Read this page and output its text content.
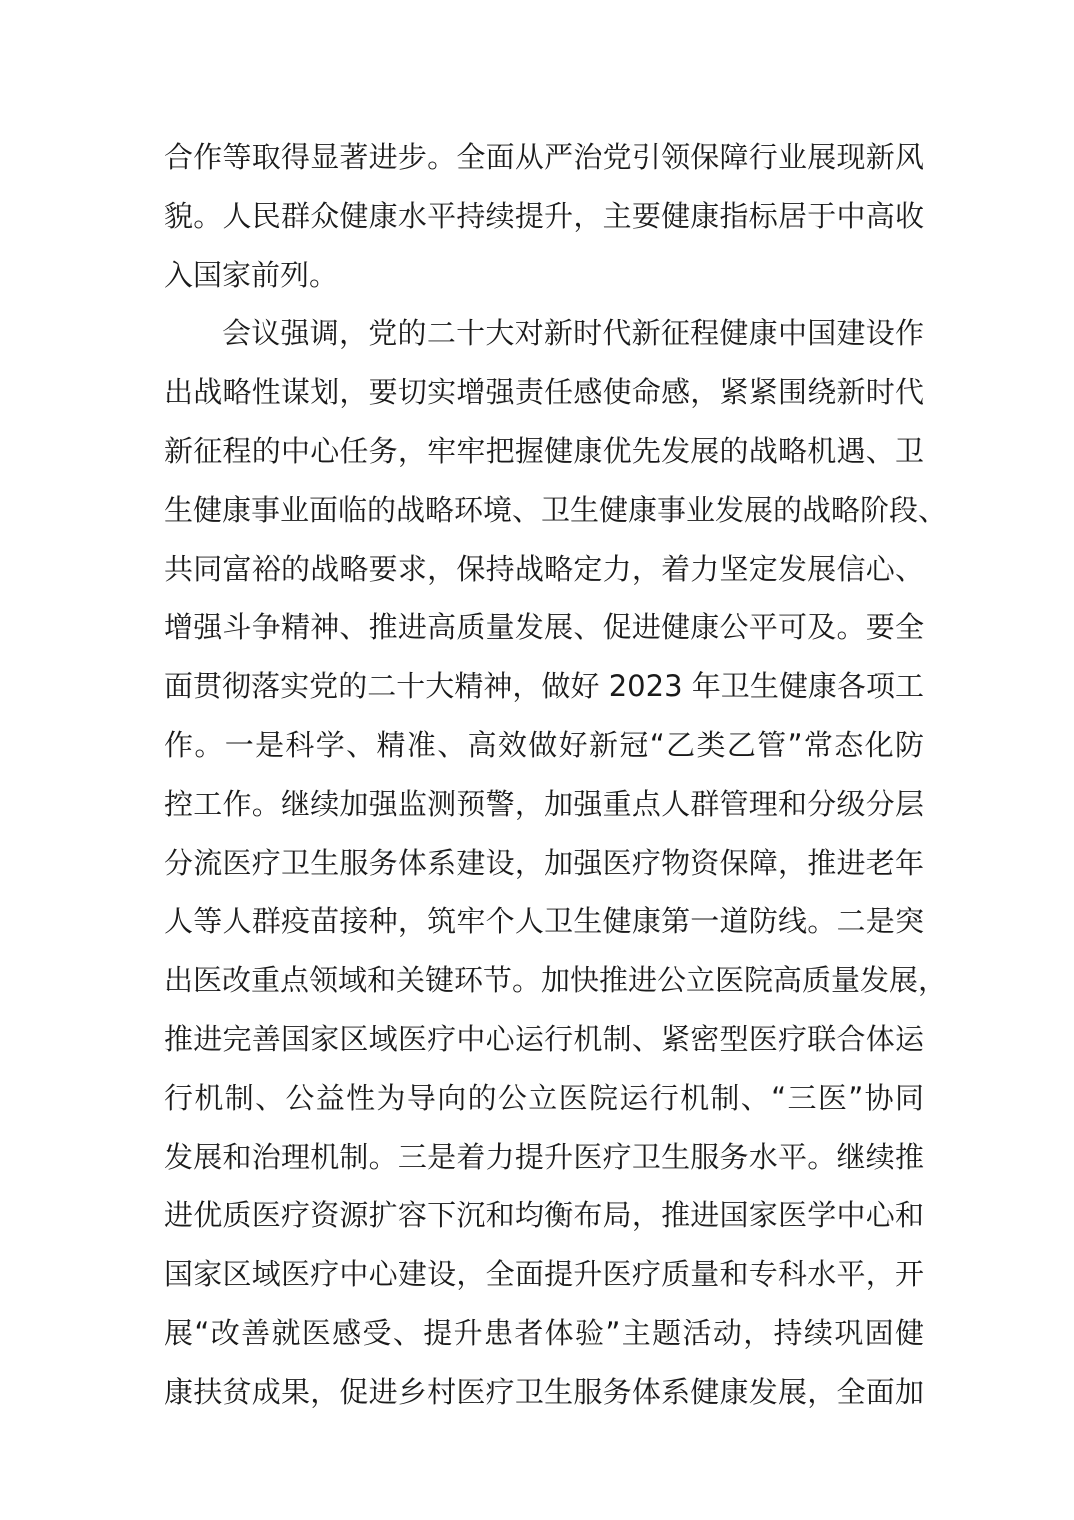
合作等取得显著进步。全面从严治党引领保障行业展现新风
貌。人民群众健康水平持续提升，主要健康指标居于中高收
入国家前列。
会议强调，党的二十大对新时代新征程健康中国建设作
出战略性谋划，要切实增强责任感使命感，紧紧围绕新时代
新征程的中心任务，牢牢把握健康优先发展的战略机遇、卫
生健康事业面临的战略环境、卫生健康事业发展的战略阶段、
共同富裕的战略要求，保持战略定力，着力坚定发展信心、
增强斗争精神、推进高质量发展、促进健康公平可及。要全
面贯彻落实党的二十大精神，做好 2023 年卫生健康各项工
作。一是科学、精准、高效做好新冠“乙类乙管”常态化防
控工作。继续加强监测预警，加强重点人群管理和分级分层
分流医疗卫生服务体系建设，加强医疗物资保障，推进老年
人等人群疫苗接种，筑牢个人卫生健康第一道防线。二是突
出医改重点领域和关键环节。加快推进公立医院高质量发展，
推进完善国家区域医疗中心运行机制、紧密型医疗联合体运
行机制、公益性为导向的公立医院运行机制、“三医”协同
发展和治理机制。三是着力提升医疗卫生服务水平。继续推
进优质医疗资源扩容下沉和均衡布局，推进国家医学中心和
国家区域医疗中心建设，全面提升医疗质量和专科水平，开
展“改善就医感受、提升患者体验”主题活动，持续巩固健
康扶贫成果，促进乡村医疗卫生服务体系健康发展，全面加
